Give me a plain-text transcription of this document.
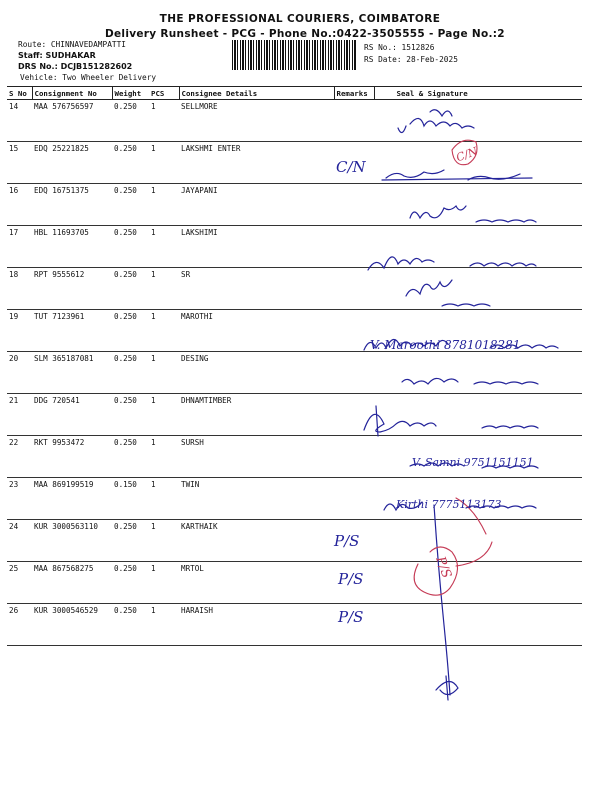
THE PROFESSIONAL COURIERS, COIMBATORE
Delivery Runsheet - PCG - Phone No.:0422-3505555 - Page No.:2
Route: CHINNAVEDAMPATTI
Staff: SUDHAKAR
DRS No.: DCJB151282602
Vehicle: Two Wheeler Delivery
RS No.: 1512826
RS Date: 28-Feb-2025
S No	Consignment No	Weight	PCS	Consignee Details	Remarks	Seal & Signature
14	MAA 576756597	0.250	1	SELLMORE		
15	EDQ 25221825	0.250	1	LAKSHMI ENTER		
16	EDQ 16751375	0.250	1	JAYAPANI		
17	HBL 11693705	0.250	1	LAKSHIMI		
18	RPT 9555612	0.250	1	SR		
19	TUT 7123961	0.250	1	MAROTHI		
20	SLM 365187081	0.250	1	DESING		
21	DDG 720541	0.250	1	DHNAMTIMBER		
22	RKT 9953472	0.250	1	SURSH		
23	MAA 869199519	0.150	1	TWIN		
24	KUR 3000563110	0.250	1	KARTHAIK		
25	MAA 867568275	0.250	1	MRTOL		
26	KUR 3000546529	0.250	1	HARAISH		
C/N
P/S
P/S
P/S
C/N
P/S
V. Maroothi 8781018281
V. Samni 9751151151
Kirthi 7775113173
